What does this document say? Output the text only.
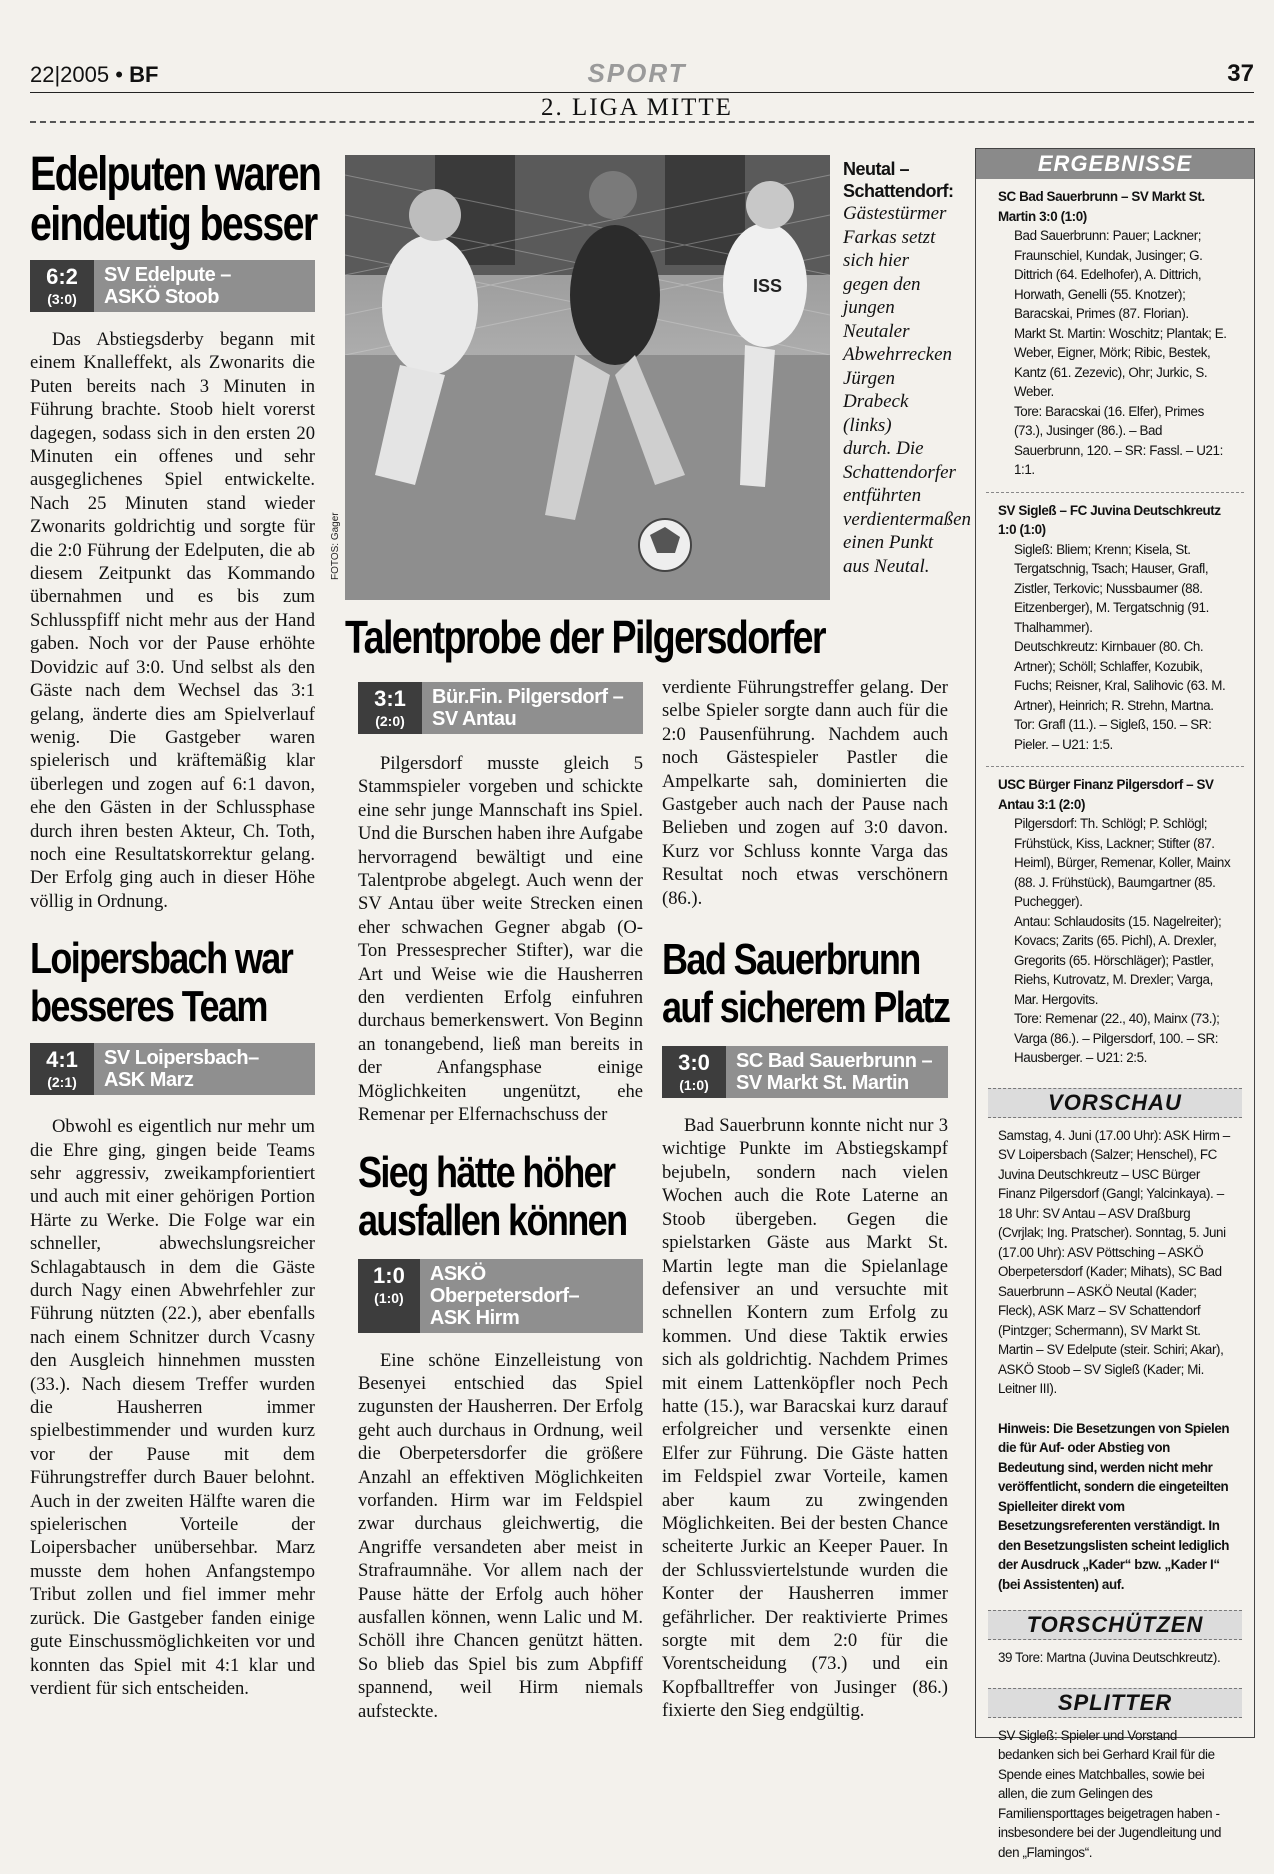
22|2005 • BF	SPORT	37
2. LIGA MITTE
Edelputen waren
eindeutig besser
6:2
(3:0)
SV Edelpute –
ASKÖ Stoob

Das Abstiegsderby begann mit einem Knalleffekt, als Zwonarits die Puten bereits nach 3 Minuten in Führung brachte. Stoob hielt vorerst dagegen, sodass sich in den ersten 20 Minuten ein offenes und sehr ausgeglichenes Spiel entwickelte. Nach 25 Minuten stand wieder Zwonarits goldrichtig und sorgte für die 2:0 Führung der Edelputen, die ab diesem Zeitpunkt das Kommando übernahmen und es bis zum Schlusspfiff nicht mehr aus der Hand gaben. Noch vor der Pause erhöhte Dovidzic auf 3:0. Und selbst als den Gäste nach dem Wechsel das 3:1 gelang, änderte dies am Spielverlauf wenig. Die Gastgeber waren spielerisch und kräftemäßig klar überlegen und zogen auf 6:1 davon, ehe den Gästen in der Schlussphase durch ihren besten Akteur, Ch. Toth, noch eine Resultatskorrektur gelang. Der Erfolg ging auch in dieser Höhe völlig in Ordnung.

Loipersbach war
besseres Team
4:1
(2:1)
SV Loipersbach–
ASK Marz

Obwohl es eigentlich nur mehr um die Ehre ging, gingen beide Teams sehr aggressiv, zweikampforientiert und auch mit einer gehörigen Portion Härte zu Werke. Die Folge war ein schneller, abwechslungsreicher Schlagabtausch in dem die Gäste durch Nagy einen Abwehrfehler zur Führung nützten (22.), aber ebenfalls nach einem Schnitzer durch Vcasny den Ausgleich hinnehmen mussten (33.). Nach diesem Treffer wurden die Hausherren immer spielbestimmender und wurden kurz vor der Pause mit dem Führungstreffer durch Bauer belohnt. Auch in der zweiten Hälfte waren die spielerischen Vorteile der Loipersbacher unübersehbar. Marz musste dem hohen Anfangstempo Tribut zollen und fiel immer mehr zurück. Die Gastgeber fanden einige gute Einschussmöglichkeiten vor und konnten das Spiel mit 4:1 klar und verdient für sich entscheiden.

ISS
FOTOS: Gager
Neutal – Schattendorf:
Gästestürmer Farkas setzt sich hier gegen den jungen Neutaler Abwehrrecken Jürgen Drabeck (links) durch. Die Schattendorfer entführten verdientermaßen einen Punkt aus Neutal.
Talentprobe der Pilgersdorfer
3:1
(2:0)
Bür.Fin. Pilgersdorf –
SV Antau

Pilgersdorf musste gleich 5 Stammspieler vorgeben und schickte eine sehr junge Mannschaft ins Spiel. Und die Burschen haben ihre Aufgabe hervorragend bewältigt und eine Talentprobe abgelegt. Auch wenn der SV Antau über weite Strecken einen eher schwachen Gegner abgab (O-Ton Pressesprecher Stifter), war die Art und Weise wie die Hausherren den verdienten Erfolg einfuhren durchaus bemerkenswert. Von Beginn an tonangebend, ließ man bereits in der Anfangsphase einige Möglichkeiten ungenützt, ehe Remenar per Elfernachschuss der

Sieg hätte höher
ausfallen können
1:0
(1:0)
ASKÖ Oberpetersdorf–
ASK Hirm

Eine schöne Einzelleistung von Besenyei entschied das Spiel zugunsten der Hausherren. Der Erfolg geht auch durchaus in Ordnung, weil die Oberpetersdorfer die größere Anzahl an effektiven Möglichkeiten vorfanden. Hirm war im Feldspiel zwar durchaus gleichwertig, die Angriffe versandeten aber meist in Strafraumnähe. Vor allem nach der Pause hätte der Erfolg auch höher ausfallen können, wenn Lalic und M. Schöll ihre Chancen genützt hätten. So blieb das Spiel bis zum Abpfiff spannend, weil Hirm niemals aufsteckte.

verdiente Führungstreffer gelang. Der selbe Spieler sorgte dann auch für die 2:0 Pausenführung. Nachdem auch noch Gästespieler Pastler die Ampelkarte sah, dominierten die Gastgeber auch nach der Pause nach Belieben und zogen auf 3:0 davon. Kurz vor Schluss konnte Varga das Resultat noch etwas verschönern (86.).

Bad Sauerbrunn
auf sicherem Platz
3:0
(1:0)
SC Bad Sauerbrunn –
SV Markt St. Martin

Bad Sauerbrunn konnte nicht nur 3 wichtige Punkte im Abstiegskampf bejubeln, sondern nach vielen Wochen auch die Rote Laterne an Stoob übergeben. Gegen die spielstarken Gäste aus Markt St. Martin legte man die Spielanlage defensiver an und versuchte mit schnellen Kontern zum Erfolg zu kommen. Und diese Taktik erwies sich als goldrichtig. Nachdem Primes mit einem Lattenköpfler noch Pech hatte (15.), war Baracskai kurz darauf erfolgreicher und versenkte einen Elfer zur Führung. Die Gäste hatten im Feldspiel zwar Vorteile, kamen aber kaum zu zwingenden Möglichkeiten. Bei der besten Chance scheiterte Jurkic an Keeper Pauer. In der Schlussviertelstunde wurden die Konter der Hausherren immer gefährlicher. Der reaktivierte Primes sorgte mit dem 2:0 für die Vorentscheidung (73.) und ein Kopfballtreffer von Jusinger (86.) fixierte den Sieg endgültig.

ERGEBNISSE
SC Bad Sauerbrunn – SV Markt St. Martin 3:0 (1:0)
Bad Sauerbrunn: Pauer; Lackner; Fraunschiel, Kundak, Jusinger; G. Dittrich (64. Edelhofer), A. Dittrich, Horwath, Genelli (55. Knotzer); Baracskai, Primes (87. Florian).
Markt St. Martin: Woschitz; Plantak; E. Weber, Eigner, Mörk; Ribic, Bestek, Kantz (61. Zezevic), Ohr; Jurkic, S. Weber.
Tore: Baracskai (16. Elfer), Primes (73.), Jusinger (86.). – Bad Sauerbrunn, 120. – SR: Fassl. – U21: 1:1.
SV Sigleß – FC Juvina Deutschkreutz 1:0 (1:0)
Sigleß: Bliem; Krenn; Kisela, St. Tergatschnig, Tsach; Hauser, Grafl, Zistler, Terkovic; Nussbaumer (88. Eitzenberger), M. Tergatschnig (91. Thalhammer).
Deutschkreutz: Kirnbauer (80. Ch. Artner); Schöll; Schlaffer, Kozubik, Fuchs; Reisner, Kral, Salihovic (63. M. Artner), Heinrich; R. Strehn, Martna.
Tor: Grafl (11.). – Sigleß, 150. – SR: Pieler. – U21: 1:5.
USC Bürger Finanz Pilgersdorf – SV Antau 3:1 (2:0)
Pilgersdorf: Th. Schlögl; P. Schlögl; Frühstück, Kiss, Lackner; Stifter (87. Heiml), Bürger, Remenar, Koller, Mainx (88. J. Frühstück), Baumgartner (85. Puchegger).
Antau: Schlaudosits (15. Nagelreiter); Kovacs; Zarits (65. Pichl), A. Drexler, Gregorits (65. Hörschläger); Pastler, Riehs, Kutrovatz, M. Drexler; Varga, Mar. Hergovits.
Tore: Remenar (22., 40), Mainx (73.); Varga (86.). – Pilgersdorf, 100. – SR: Hausberger. – U21: 2:5.
VORSCHAU
Samstag, 4. Juni (17.00 Uhr): ASK Hirm – SV Loipersbach (Salzer; Henschel), FC Juvina Deutschkreutz – USC Bürger Finanz Pilgersdorf (Gangl; Yalcinkaya). – 18 Uhr: SV Antau – ASV Draßburg (Cvrjlak; Ing. Pratscher). Sonntag, 5. Juni (17.00 Uhr): ASV Pöttsching – ASKÖ Oberpetersdorf (Kader; Mihats), SC Bad Sauerbrunn – ASKÖ Neutal (Kader; Fleck), ASK Marz – SV Schattendorf (Pintzger; Schermann), SV Markt St. Martin – SV Edelpute (steir. Schiri; Akar), ASKÖ Stoob – SV Sigleß (Kader; Mi. Leitner III).
Hinweis: Die Besetzungen von Spielen die für Auf- oder Abstieg von Bedeutung sind, werden nicht mehr veröffentlicht, sondern die eingeteilten Spielleiter direkt vom Besetzungsreferenten verständigt. In den Besetzungslisten scheint lediglich der Ausdruck „Kader“ bzw. „Kader I“ (bei Assistenten) auf.
TORSCHÜTZEN
39 Tore: Martna (Juvina Deutschkreutz).
SPLITTER
SV Sigleß: Spieler und Vorstand bedanken sich bei Gerhard Krail für die Spende eines Matchballes, sowie bei allen, die zum Gelingen des Familiensporttages beigetragen haben - insbesondere bei der Jugendleitung und den „Flamingos“.
